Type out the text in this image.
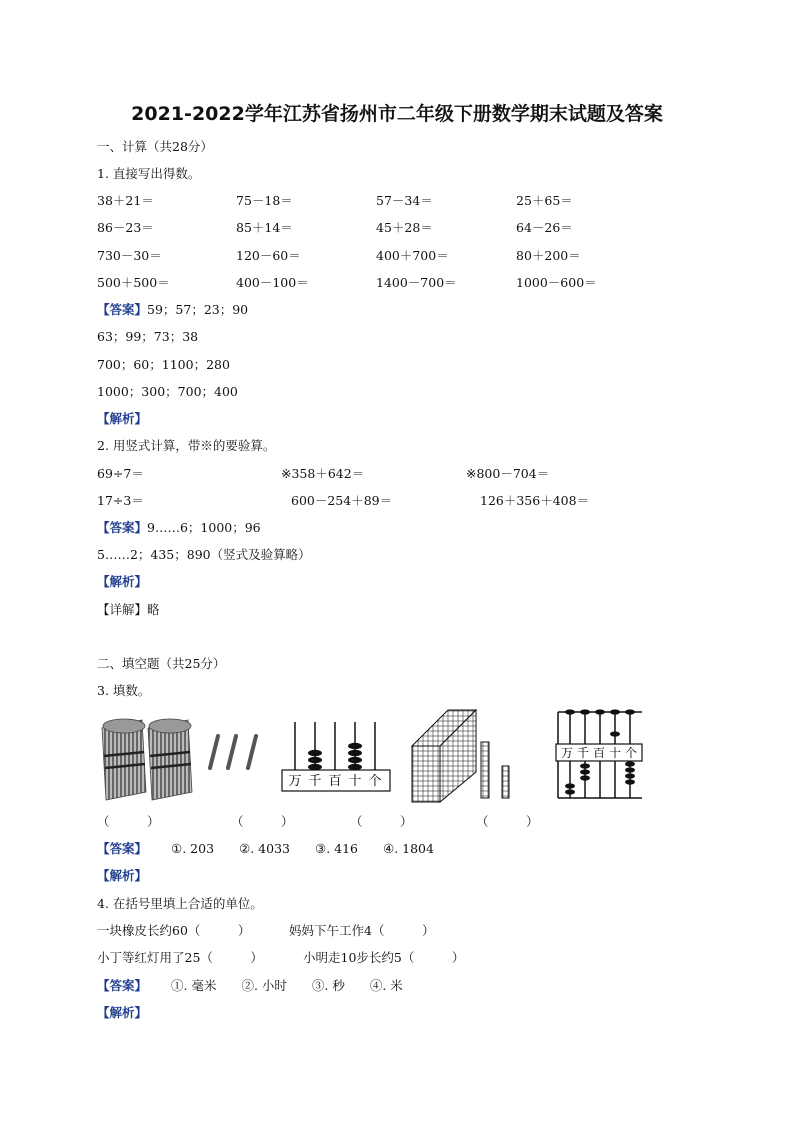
2021-2022学年江苏省扬州市二年级下册数学期末试题及答案
一、计算（共28分）
1. 直接写出得数。
38＋21＝	75－18＝	57－34＝	25＋65＝
86－23＝	85＋14＝	45＋28＝	64－26＝
730－30＝	120－60＝	400＋700＝	80＋200＝
500＋500＝	400－100＝	1400－700＝	1000－600＝
【答案】59；57；23；90
63；99；73；38
700；60；1100；280
1000；300；700；400
【解析】
2. 用竖式计算，带※的要验算。
69÷7＝	※358＋642＝	※800－704＝
17÷3＝	600－254＋89＝	126＋356＋408＝
【答案】9……6；1000；96
5……2；435；890（竖式及验算略）
【解析】
【详解】略
二、填空题（共25分）
3. 填数。
万 千 百 十 个
万 千 百 十 个
（　　　）	（　　　）	（　　　）	（　　　）
【答案】 ①. 203　　②. 4033　　③. 416　　④. 1804
【解析】
4. 在括号里填上合适的单位。
一块橡皮长约60（　　　）	妈妈下午工作4（　　　）
小丁等红灯用了25（　　　）	小明走10步长约5（　　　）
【答案】 ①. 毫米　　②. 小时　　③. 秒　　④. 米
【解析】
